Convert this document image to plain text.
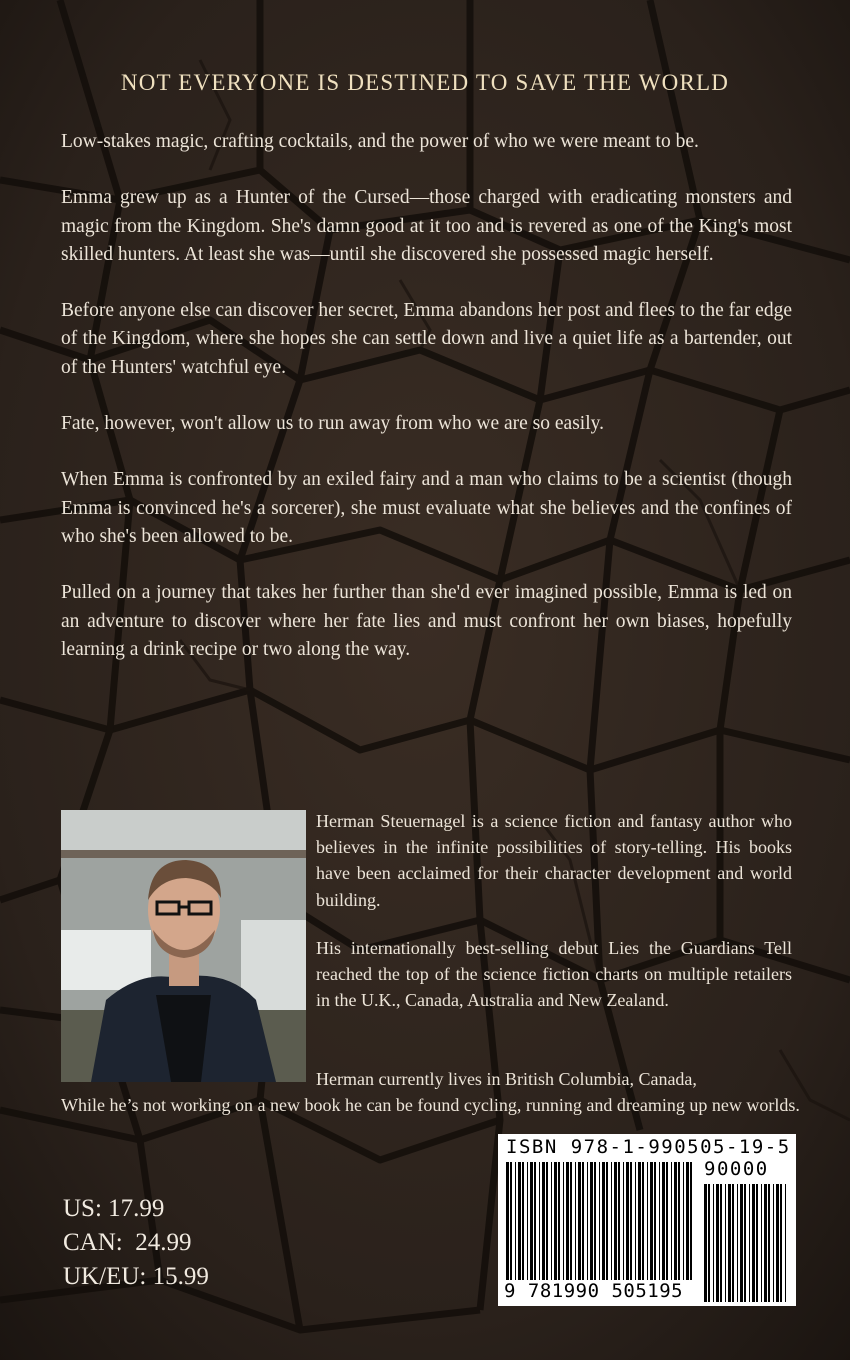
NOT EVERYONE IS DESTINED TO SAVE THE WORLD

Low-stakes magic, crafting cocktails, and the power of who we were meant to be.

Emma grew up as a Hunter of the Cursed—those charged with eradicating monsters and magic from the Kingdom. She's damn good at it too and is revered as one of the King's most skilled hunters. At least she was—until she discovered she possessed magic herself.

Before anyone else can discover her secret, Emma abandons her post and flees to the far edge of the Kingdom, where she hopes she can settle down and live a quiet life as a bartender, out of the Hunters' watchful eye.

Fate, however, won't allow us to run away from who we are so easily.

When Emma is confronted by an exiled fairy and a man who claims to be a scientist (though Emma is convinced he's a sorcerer), she must evaluate what she believes and the confines of who she's been allowed to be.

Pulled on a journey that takes her further than she'd ever imagined possible, Emma is led on an adventure to discover where her fate lies and must confront her own biases, hopefully learning a drink recipe or two along the way.

Herman Steuernagel is a science fiction and fantasy author who believes in the infinite possibilities of story-telling. His books have been acclaimed for their character development and world building.

His internationally best-selling debut Lies the Guardians Tell reached the top of the science fiction charts on multiple retailers in the U.K., Canada, Australia and New Zealand.

Herman currently lives in British Columbia, Canada,
While he’s not working on a new book he can be found cycling, running and dreaming up new worlds.
US: 17.99
CAN:  24.99
UK/EU: 15.99
ISBN 978-1-990505-19-5
90000
9 781990 505195
